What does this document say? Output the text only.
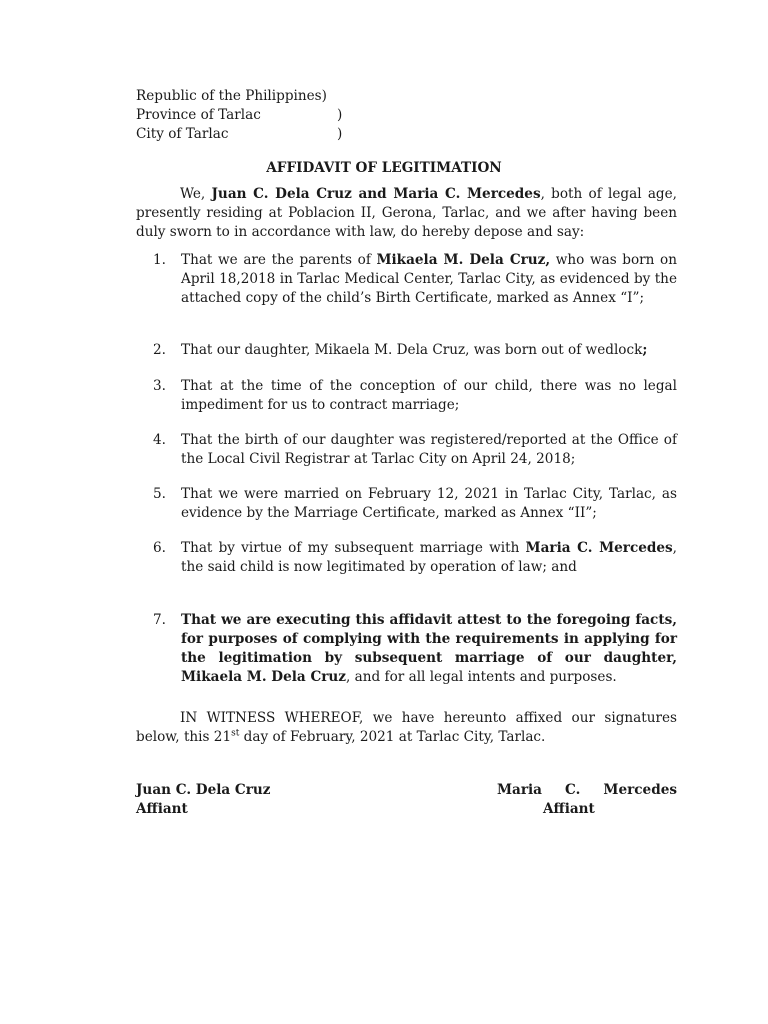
Republic of the Philippines)
Province of Tarlac	)
City of Tarlac	)
AFFIDAVIT OF LEGITIMATION
We, Juan C. Dela Cruz and Maria C. Mercedes, both of legal age, presently residing at Poblacion II, Gerona, Tarlac, and we after having been duly sworn to in accordance with law, do hereby depose and say:
1. That we are the parents of Mikaela M. Dela Cruz, who was born on April 18,2018 in Tarlac Medical Center, Tarlac City, as evidenced by the attached copy of the child’s Birth Certificate, marked as Annex “I”;
2. That our daughter, Mikaela M. Dela Cruz, was born out of wedlock;
3. That at the time of the conception of our child, there was no legal impediment for us to contract marriage;
4. That the birth of our daughter was registered/reported at the Office of the Local Civil Registrar at Tarlac City on April 24, 2018;
5. That we were married on February 12, 2021 in Tarlac City, Tarlac, as evidence by the Marriage Certificate, marked as Annex “II”;
6. That by virtue of my subsequent marriage with Maria C. Mercedes, the said child is now legitimated by operation of law; and
7. That we are executing this affidavit attest to the foregoing facts, for purposes of complying with the requirements in applying for the legitimation by subsequent marriage of our daughter, Mikaela M. Dela Cruz, and for all legal intents and purposes.
IN WITNESS WHEREOF, we have hereunto affixed our signatures below, this 21st day of February, 2021 at Tarlac City, Tarlac.
Juan C. Dela Cruz
Affiant
Maria C. Mercedes
Affiant
